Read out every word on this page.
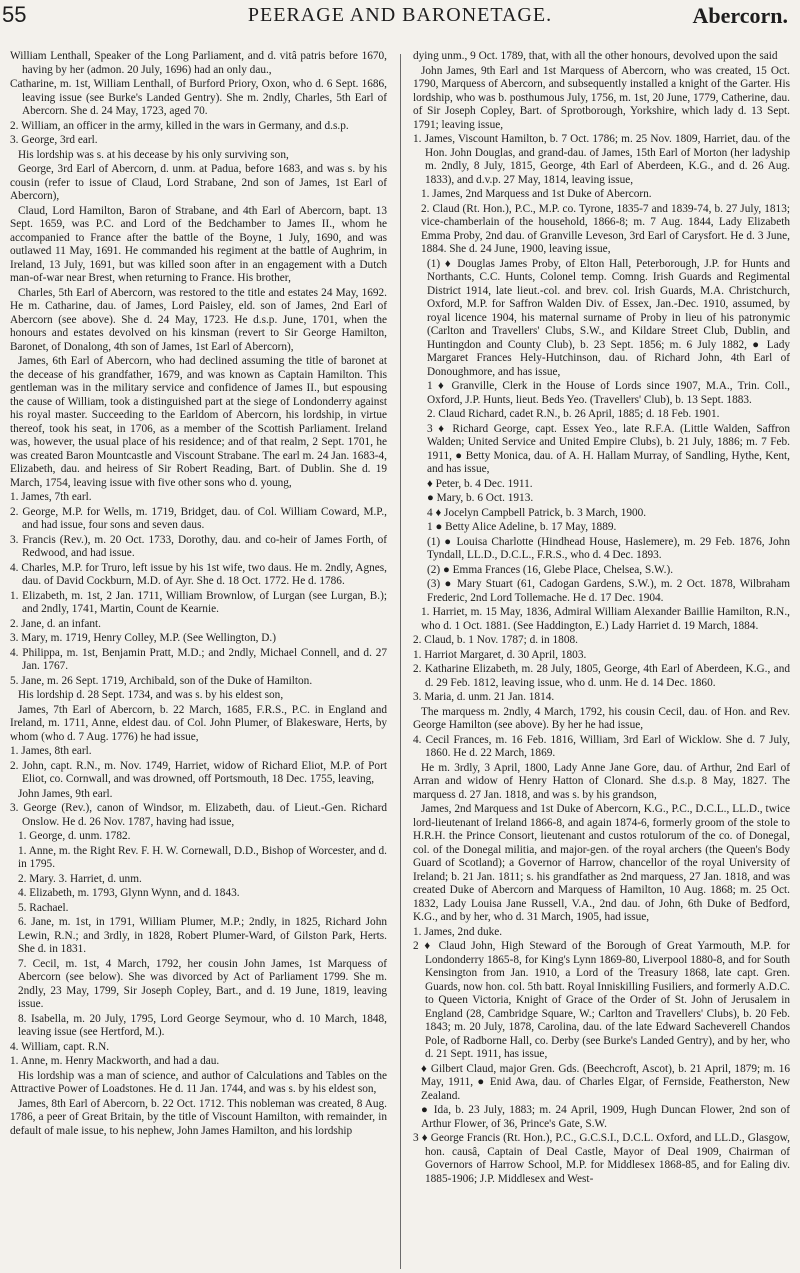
55	PEERAGE AND BARONETAGE.	Abercorn.

William Lenthall, Speaker of the Long Parliament, and d. vitâ patris before 1670, having by her (admon. 20 July, 1696) had an only dau.,

Catharine, m. 1st, William Lenthall, of Burford Priory, Oxon, who d. 6 Sept. 1686, leaving issue (see Burke's Landed Gentry). She m. 2ndly, Charles, 5th Earl of Abercorn. She d. 24 May, 1723, aged 70.

2. William, an officer in the army, killed in the wars in Germany, and d.s.p.

3. George, 3rd earl.

His lordship was s. at his decease by his only surviving son,

George, 3rd Earl of Abercorn, d. unm. at Padua, before 1683, and was s. by his cousin (refer to issue of Claud, Lord Strabane, 2nd son of James, 1st Earl of Abercorn),

Claud, Lord Hamilton, Baron of Strabane, and 4th Earl of Abercorn, bapt. 13 Sept. 1659, was P.C. and Lord of the Bedchamber to James II., whom he accompanied to France after the battle of the Boyne, 1 July, 1690, and was outlawed 11 May, 1691. He commanded his regiment at the battle of Aughrim, in Ireland, 13 July, 1691, but was killed soon after in an engagement with a Dutch man-of-war near Brest, when returning to France. His brother,

Charles, 5th Earl of Abercorn, was restored to the title and estates 24 May, 1692. He m. Catharine, dau. of James, Lord Paisley, eld. son of James, 2nd Earl of Abercorn (see above). She d. 24 May, 1723. He d.s.p. June, 1701, when the honours and estates devolved on his kinsman (revert to Sir George Hamilton, Baronet, of Donalong, 4th son of James, 1st Earl of Abercorn),

James, 6th Earl of Abercorn, who had declined assuming the title of baronet at the decease of his grandfather, 1679, and was known as Captain Hamilton. This gentleman was in the military service and confidence of James II., but espousing the cause of William, took a distinguished part at the siege of Londonderry against his royal master. Succeeding to the Earldom of Abercorn, his lordship, in virtue thereof, took his seat, in 1706, as a member of the Scottish Parliament. Ireland was, however, the usual place of his residence; and of that realm, 2 Sept. 1701, he was created Baron Mountcastle and Viscount Strabane. The earl m. 24 Jan. 1683-4, Elizabeth, dau. and heiress of Sir Robert Reading, Bart. of Dublin. She d. 19 March, 1754, leaving issue with five other sons who d. young,

1. James, 7th earl.

2. George, M.P. for Wells, m. 1719, Bridget, dau. of Col. William Coward, M.P., and had issue, four sons and seven daus.

3. Francis (Rev.), m. 20 Oct. 1733, Dorothy, dau. and co-heir of James Forth, of Redwood, and had issue.

4. Charles, M.P. for Truro, left issue by his 1st wife, two daus. He m. 2ndly, Agnes, dau. of David Cockburn, M.D. of Ayr. She d. 18 Oct. 1772. He d. 1786.

1. Elizabeth, m. 1st, 2 Jan. 1711, William Brownlow, of Lurgan (see Lurgan, B.); and 2ndly, 1741, Martin, Count de Kearnie.

2. Jane, d. an infant.

3. Mary, m. 1719, Henry Colley, M.P. (See Wellington, D.)

4. Philippa, m. 1st, Benjamin Pratt, M.D.; and 2ndly, Michael Connell, and d. 27 Jan. 1767.

5. Jane, m. 26 Sept. 1719, Archibald, son of the Duke of Hamilton.

His lordship d. 28 Sept. 1734, and was s. by his eldest son,

James, 7th Earl of Abercorn, b. 22 March, 1685, F.R.S., P.C. in England and Ireland, m. 1711, Anne, eldest dau. of Col. John Plumer, of Blakesware, Herts, by whom (who d. 7 Aug. 1776) he had issue,

1. James, 8th earl.

2. John, capt. R.N., m. Nov. 1749, Harriet, widow of Richard Eliot, M.P. of Port Eliot, co. Cornwall, and was drowned, off Portsmouth, 18 Dec. 1755, leaving,

John James, 9th earl.

3. George (Rev.), canon of Windsor, m. Elizabeth, dau. of Lieut.-Gen. Richard Onslow. He d. 26 Nov. 1787, having had issue,

1. George, d. unm. 1782.

1. Anne, m. the Right Rev. F. H. W. Cornewall, D.D., Bishop of Worcester, and d. in 1795.

2. Mary. 3. Harriet, d. unm.

4. Elizabeth, m. 1793, Glynn Wynn, and d. 1843.

5. Rachael.

6. Jane, m. 1st, in 1791, William Plumer, M.P.; 2ndly, in 1825, Richard John Lewin, R.N.; and 3rdly, in 1828, Robert Plumer-Ward, of Gilston Park, Herts. She d. in 1831.

7. Cecil, m. 1st, 4 March, 1792, her cousin John James, 1st Marquess of Abercorn (see below). She was divorced by Act of Parliament 1799. She m. 2ndly, 23 May, 1799, Sir Joseph Copley, Bart., and d. 19 June, 1819, leaving issue.

8. Isabella, m. 20 July, 1795, Lord George Seymour, who d. 10 March, 1848, leaving issue (see Hertford, M.).

4. William, capt. R.N.

1. Anne, m. Henry Mackworth, and had a dau.

His lordship was a man of science, and author of Calculations and Tables on the Attractive Power of Loadstones. He d. 11 Jan. 1744, and was s. by his eldest son,

James, 8th Earl of Abercorn, b. 22 Oct. 1712. This nobleman was created, 8 Aug. 1786, a peer of Great Britain, by the title of Viscount Hamilton, with remainder, in default of male issue, to his nephew, John James Hamilton, and his lordship

dying unm., 9 Oct. 1789, that, with all the other honours, devolved upon the said

John James, 9th Earl and 1st Marquess of Abercorn, who was created, 15 Oct. 1790, Marquess of Abercorn, and subsequently installed a knight of the Garter. His lordship, who was b. posthumous July, 1756, m. 1st, 20 June, 1779, Catherine, dau. of Sir Joseph Copley, Bart. of Sprotborough, Yorkshire, which lady d. 13 Sept. 1791; leaving issue,

1. James, Viscount Hamilton, b. 7 Oct. 1786; m. 25 Nov. 1809, Harriet, dau. of the Hon. John Douglas, and grand-dau. of James, 15th Earl of Morton (her ladyship m. 2ndly, 8 July, 1815, George, 4th Earl of Aberdeen, K.G., and d. 26 Aug. 1833), and d.v.p. 27 May, 1814, leaving issue,

1. James, 2nd Marquess and 1st Duke of Abercorn.

2. Claud (Rt. Hon.), P.C., M.P. co. Tyrone, 1835-7 and 1839-74, b. 27 July, 1813; vice-chamberlain of the household, 1866-8; m. 7 Aug. 1844, Lady Elizabeth Emma Proby, 2nd dau. of Granville Leveson, 3rd Earl of Carysfort. He d. 3 June, 1884. She d. 24 June, 1900, leaving issue,

(1) ♦ Douglas James Proby, of Elton Hall, Peterborough, J.P. for Hunts and Northants, C.C. Hunts, Colonel temp. Comng. Irish Guards and Regimental District 1914, late lieut.-col. and brev. col. Irish Guards, M.A. Christchurch, Oxford, M.P. for Saffron Walden Div. of Essex, Jan.-Dec. 1910, assumed, by royal licence 1904, his maternal surname of Proby in lieu of his patronymic (Carlton and Travellers' Clubs, S.W., and Kildare Street Club, Dublin, and Huntingdon and County Club), b. 23 Sept. 1856; m. 6 July 1882, ● Lady Margaret Frances Hely-Hutchinson, dau. of Richard John, 4th Earl of Donoughmore, and has issue,

1 ♦ Granville, Clerk in the House of Lords since 1907, M.A., Trin. Coll., Oxford, J.P. Hunts, lieut. Beds Yeo. (Travellers' Club), b. 13 Sept. 1883.

2. Claud Richard, cadet R.N., b. 26 April, 1885; d. 18 Feb. 1901.

3 ♦ Richard George, capt. Essex Yeo., late R.F.A. (Little Walden, Saffron Walden; United Service and United Empire Clubs), b. 21 July, 1886; m. 7 Feb. 1911, ● Betty Monica, dau. of A. H. Hallam Murray, of Sandling, Hythe, Kent, and has issue,

♦ Peter, b. 4 Dec. 1911.

● Mary, b. 6 Oct. 1913.

4 ♦ Jocelyn Campbell Patrick, b. 3 March, 1900.

1 ● Betty Alice Adeline, b. 17 May, 1889.

(1) ● Louisa Charlotte (Hindhead House, Haslemere), m. 29 Feb. 1876, John Tyndall, LL.D., D.C.L., F.R.S., who d. 4 Dec. 1893.

(2) ● Emma Frances (16, Glebe Place, Chelsea, S.W.).

(3) ● Mary Stuart (61, Cadogan Gardens, S.W.), m. 2 Oct. 1878, Wilbraham Frederic, 2nd Lord Tollemache. He d. 17 Dec. 1904.

1. Harriet, m. 15 May, 1836, Admiral William Alexander Baillie Hamilton, R.N., who d. 1 Oct. 1881. (See Haddington, E.) Lady Harriet d. 19 March, 1884.

2. Claud, b. 1 Nov. 1787; d. in 1808.

1. Harriot Margaret, d. 30 April, 1803.

2. Katharine Elizabeth, m. 28 July, 1805, George, 4th Earl of Aberdeen, K.G., and d. 29 Feb. 1812, leaving issue, who d. unm. He d. 14 Dec. 1860.

3. Maria, d. unm. 21 Jan. 1814.

The marquess m. 2ndly, 4 March, 1792, his cousin Cecil, dau. of Hon. and Rev. George Hamilton (see above). By her he had issue,

4. Cecil Frances, m. 16 Feb. 1816, William, 3rd Earl of Wicklow. She d. 7 July, 1860. He d. 22 March, 1869.

He m. 3rdly, 3 April, 1800, Lady Anne Jane Gore, dau. of Arthur, 2nd Earl of Arran and widow of Henry Hatton of Clonard. She d.s.p. 8 May, 1827. The marquess d. 27 Jan. 1818, and was s. by his grandson,

James, 2nd Marquess and 1st Duke of Abercorn, K.G., P.C., D.C.L., LL.D., twice lord-lieutenant of Ireland 1866-8, and again 1874-6, formerly groom of the stole to H.R.H. the Prince Consort, lieutenant and custos rotulorum of the co. of Donegal, col. of the Donegal militia, and major-gen. of the royal archers (the Queen's Body Guard of Scotland); a Governor of Harrow, chancellor of the royal University of Ireland; b. 21 Jan. 1811; s. his grandfather as 2nd marquess, 27 Jan. 1818, and was created Duke of Abercorn and Marquess of Hamilton, 10 Aug. 1868; m. 25 Oct. 1832, Lady Louisa Jane Russell, V.A., 2nd dau. of John, 6th Duke of Bedford, K.G., and by her, who d. 31 March, 1905, had issue,

1. James, 2nd duke.

2 ♦ Claud John, High Steward of the Borough of Great Yarmouth, M.P. for Londonderry 1865-8, for King's Lynn 1869-80, Liverpool 1880-8, and for South Kensington from Jan. 1910, a Lord of the Treasury 1868, late capt. Gren. Guards, now hon. col. 5th batt. Royal Inniskilling Fusiliers, and formerly A.D.C. to Queen Victoria, Knight of Grace of the Order of St. John of Jerusalem in England (28, Cambridge Square, W.; Carlton and Travellers' Clubs), b. 20 Feb. 1843; m. 20 July, 1878, Carolina, dau. of the late Edward Sacheverell Chandos Pole, of Radborne Hall, co. Derby (see Burke's Landed Gentry), and by her, who d. 21 Sept. 1911, has issue,

♦ Gilbert Claud, major Gren. Gds. (Beechcroft, Ascot), b. 21 April, 1879; m. 16 May, 1911, ● Enid Awa, dau. of Charles Elgar, of Fernside, Featherston, New Zealand.

● Ida, b. 23 July, 1883; m. 24 April, 1909, Hugh Duncan Flower, 2nd son of Arthur Flower, of 36, Prince's Gate, S.W.

3 ♦ George Francis (Rt. Hon.), P.C., G.C.S.I., D.C.L. Oxford, and LL.D., Glasgow, hon. causâ, Captain of Deal Castle, Mayor of Deal 1909, Chairman of Governors of Harrow School, M.P. for Middlesex 1868-85, and for Ealing div. 1885-1906; J.P. Middlesex and West-
